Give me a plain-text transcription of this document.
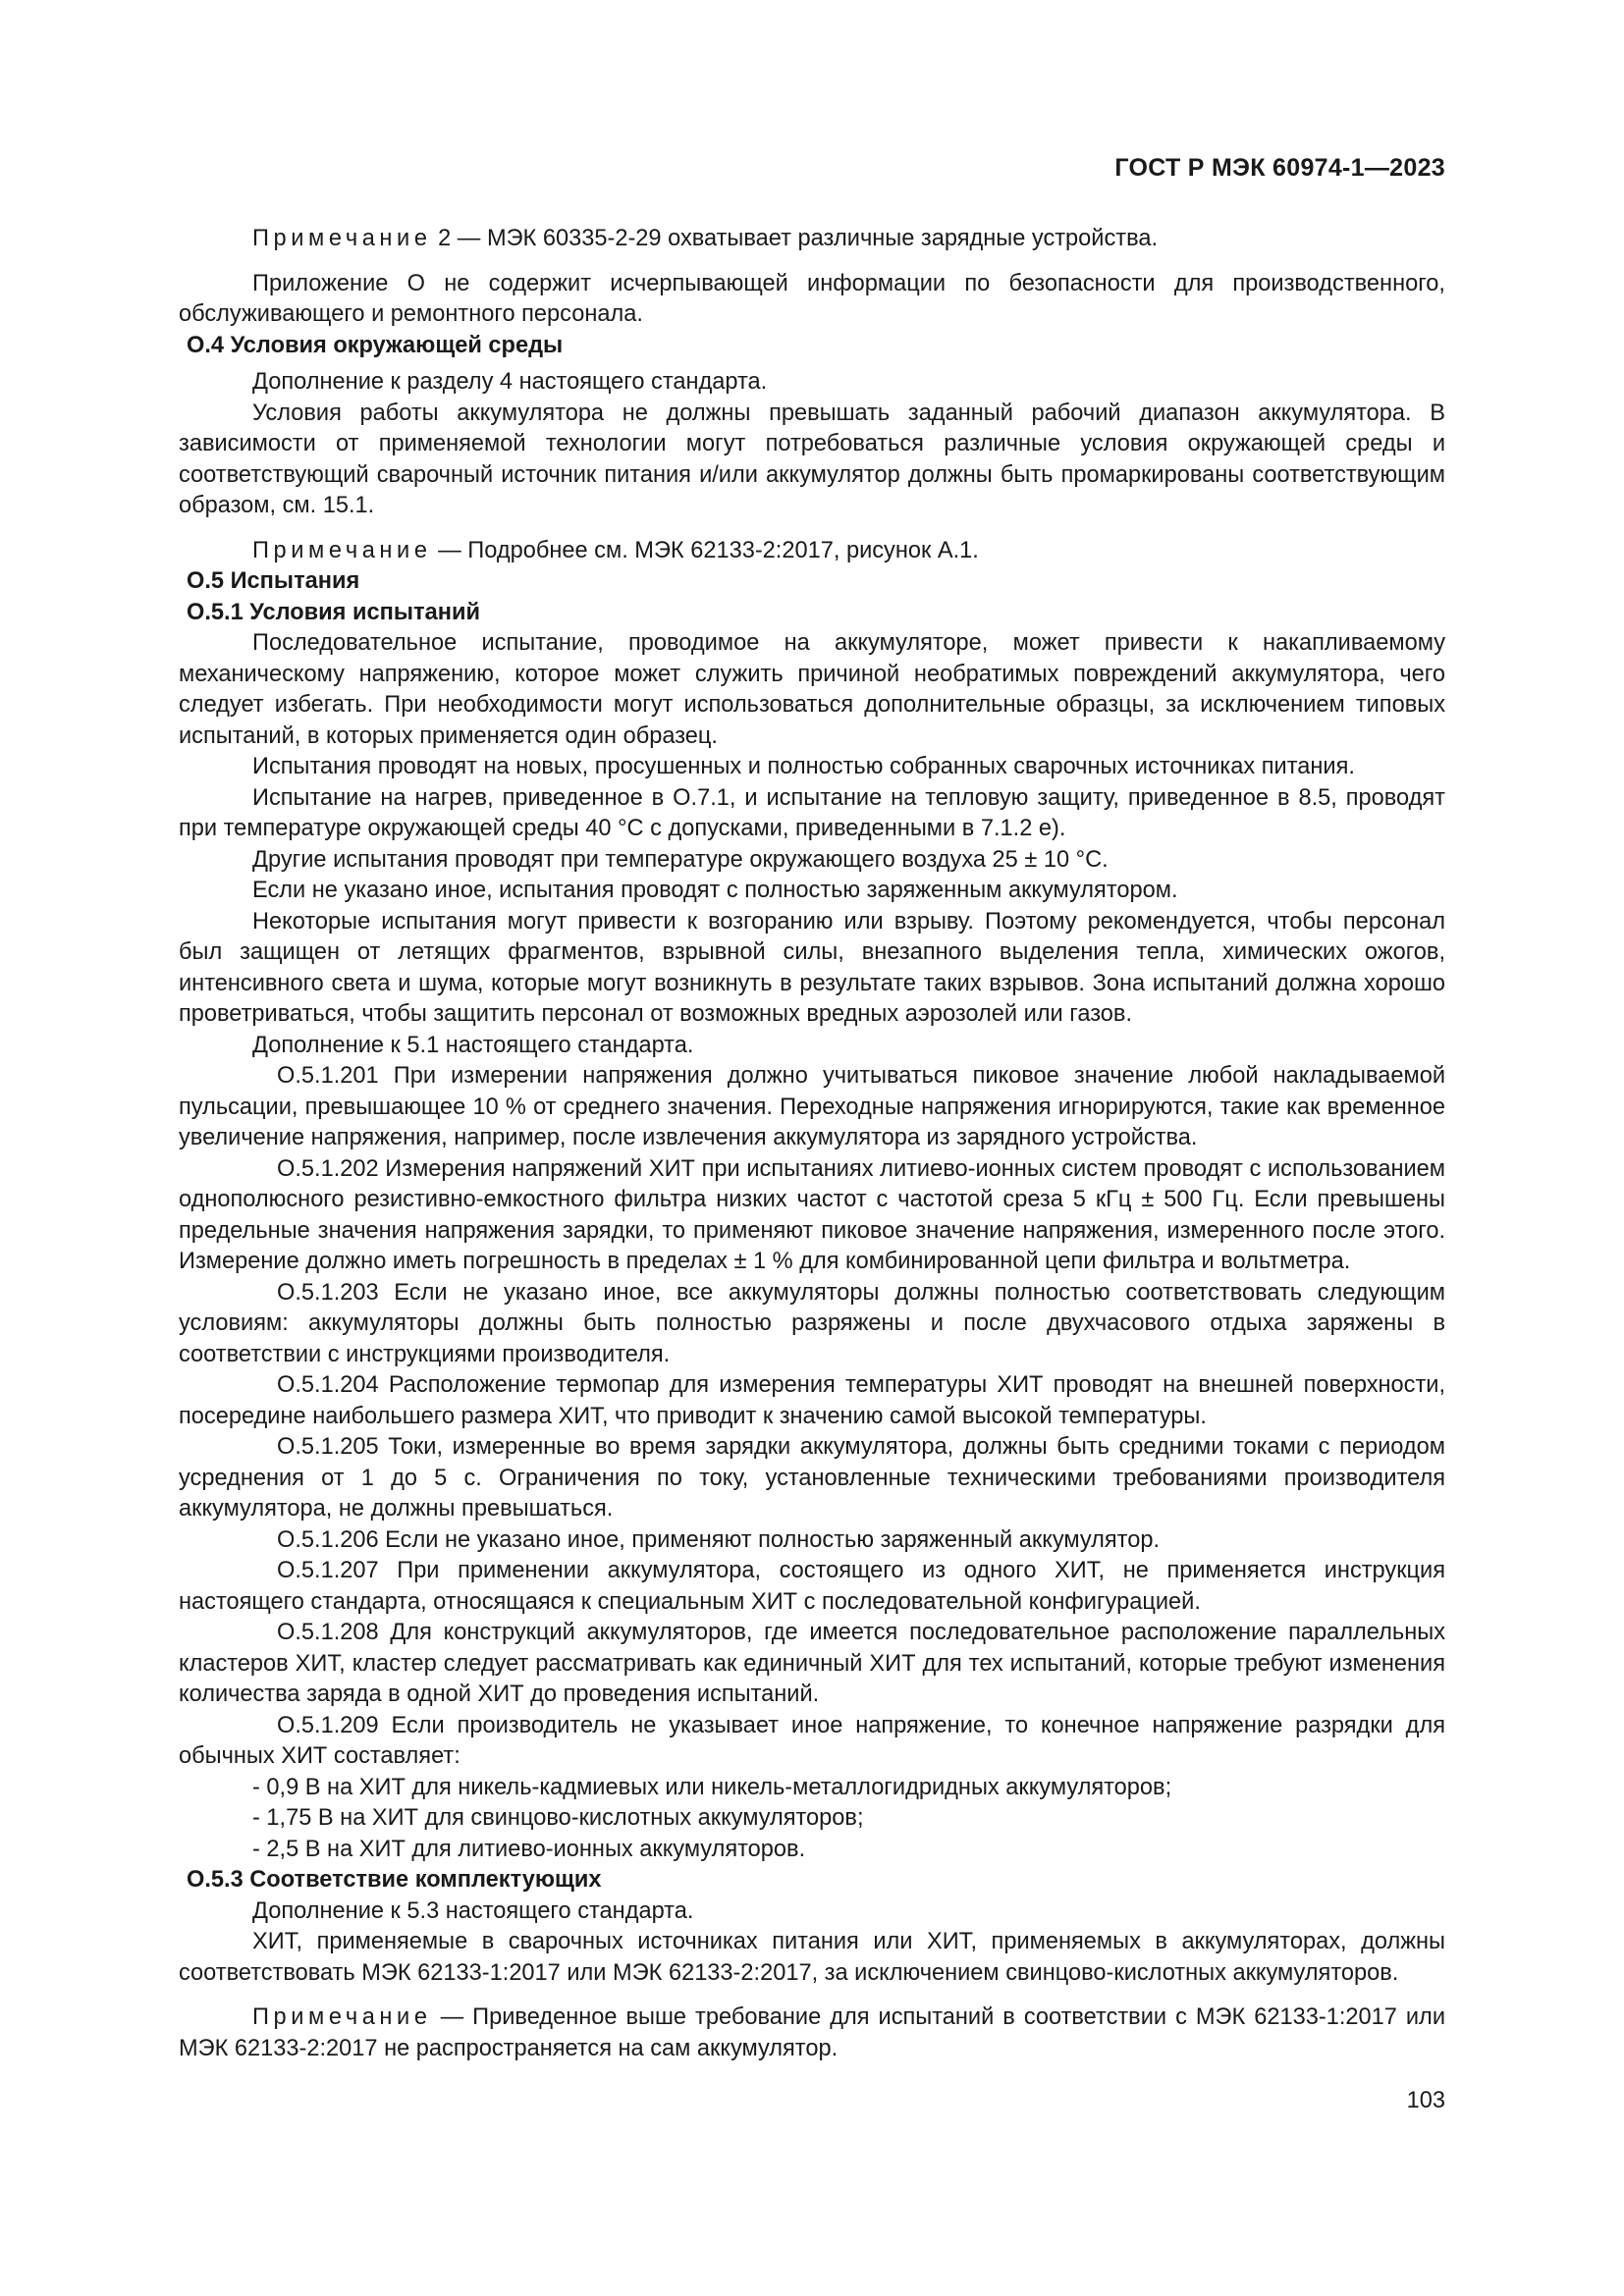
ГОСТ Р МЭК 60974-1—2023

Примечание 2 — МЭК 60335-2-29 охватывает различные зарядные устройства.

Приложение О не содержит исчерпывающей информации по безопасности для производственного, обслуживающего и ремонтного персонала.

О.4 Условия окружающей среды

Дополнение к разделу 4 настоящего стандарта.

Условия работы аккумулятора не должны превышать заданный рабочий диапазон аккумулятора. В зависимости от применяемой технологии могут потребоваться различные условия окружающей среды и соответствующий сварочный источник питания и/или аккумулятор должны быть промаркированы соответствующим образом, см. 15.1.

Примечание — Подробнее см. МЭК 62133-2:2017, рисунок А.1.

О.5 Испытания

О.5.1 Условия испытаний

Последовательное испытание, проводимое на аккумуляторе, может привести к накапливаемому механическому напряжению, которое может служить причиной необратимых повреждений аккумулятора, чего следует избегать. При необходимости могут использоваться дополнительные образцы, за исключением типовых испытаний, в которых применяется один образец.

Испытания проводят на новых, просушенных и полностью собранных сварочных источниках питания.

Испытание на нагрев, приведенное в О.7.1, и испытание на тепловую защиту, приведенное в 8.5, проводят при температуре окружающей среды 40 °С с допусками, приведенными в 7.1.2 е).

Другие испытания проводят при температуре окружающего воздуха 25 ± 10 °С.

Если не указано иное, испытания проводят с полностью заряженным аккумулятором.

Некоторые испытания могут привести к возгоранию или взрыву. Поэтому рекомендуется, чтобы персонал был защищен от летящих фрагментов, взрывной силы, внезапного выделения тепла, химических ожогов, интенсивного света и шума, которые могут возникнуть в результате таких взрывов. Зона испытаний должна хорошо проветриваться, чтобы защитить персонал от возможных вредных аэрозолей или газов.

Дополнение к 5.1 настоящего стандарта.

О.5.1.201 При измерении напряжения должно учитываться пиковое значение любой накладываемой пульсации, превышающее 10 % от среднего значения. Переходные напряжения игнорируются, такие как временное увеличение напряжения, например, после извлечения аккумулятора из зарядного устройства.

О.5.1.202 Измерения напряжений ХИТ при испытаниях литиево-ионных систем проводят с использованием однополюсного резистивно-емкостного фильтра низких частот с частотой среза 5 кГц ± 500 Гц. Если превышены предельные значения напряжения зарядки, то применяют пиковое значение напряжения, измеренного после этого. Измерение должно иметь погрешность в пределах ± 1 % для комбинированной цепи фильтра и вольтметра.

О.5.1.203 Если не указано иное, все аккумуляторы должны полностью соответствовать следующим условиям: аккумуляторы должны быть полностью разряжены и после двухчасового отдыха заряжены в соответствии с инструкциями производителя.

О.5.1.204 Расположение термопар для измерения температуры ХИТ проводят на внешней поверхности, посередине наибольшего размера ХИТ, что приводит к значению самой высокой температуры.

О.5.1.205 Токи, измеренные во время зарядки аккумулятора, должны быть средними токами с периодом усреднения от 1 до 5 с. Ограничения по току, установленные техническими требованиями производителя аккумулятора, не должны превышаться.

О.5.1.206 Если не указано иное, применяют полностью заряженный аккумулятор.

О.5.1.207 При применении аккумулятора, состоящего из одного ХИТ, не применяется инструкция настоящего стандарта, относящаяся к специальным ХИТ с последовательной конфигурацией.

О.5.1.208 Для конструкций аккумуляторов, где имеется последовательное расположение параллельных кластеров ХИТ, кластер следует рассматривать как единичный ХИТ для тех испытаний, которые требуют изменения количества заряда в одной ХИТ до проведения испытаний.

О.5.1.209 Если производитель не указывает иное напряжение, то конечное напряжение разрядки для обычных ХИТ составляет:

- 0,9 В на ХИТ для никель-кадмиевых или никель-металлогидридных аккумуляторов;

- 1,75 В на ХИТ для свинцово-кислотных аккумуляторов;

- 2,5 В на ХИТ для литиево-ионных аккумуляторов.

О.5.3 Соответствие комплектующих

Дополнение к 5.3 настоящего стандарта.

ХИТ, применяемые в сварочных источниках питания или ХИТ, применяемых в аккумуляторах, должны соответствовать МЭК 62133-1:2017 или МЭК 62133-2:2017, за исключением свинцово-кислотных аккумуляторов.

Примечание — Приведенное выше требование для испытаний в соответствии с МЭК 62133-1:2017 или МЭК 62133-2:2017 не распространяется на сам аккумулятор.

103
